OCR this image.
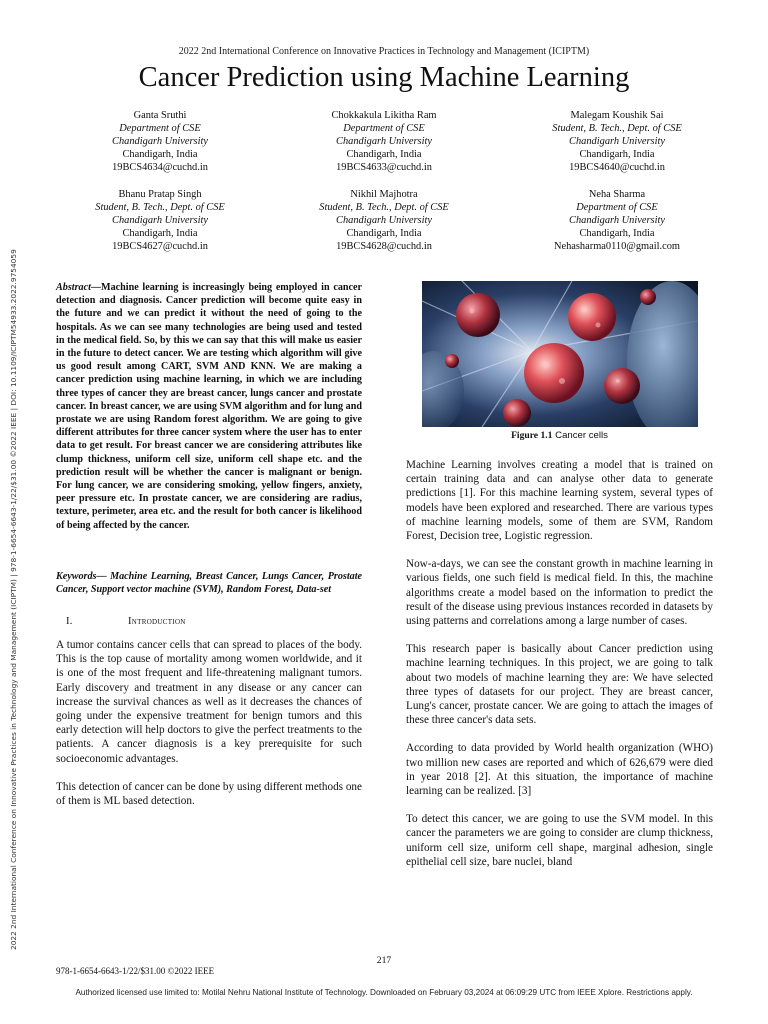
2022 2nd International Conference on Innovative Practices in Technology and Management (ICIPTM)
Cancer Prediction using Machine Learning
Ganta Sruthi
Department of CSE
Chandigarh University
Chandigarh, India
19BCS4634@cuchd.in
Chokkakula Likitha Ram
Department of CSE
Chandigarh University
Chandigarh, India
19BCS4633@cuchd.in
Malegam Koushik Sai
Student, B. Tech., Dept. of CSE
Chandigarh University
Chandigarh, India
19BCS4640@cuchd.in
Bhanu Pratap Singh
Student, B. Tech., Dept. of CSE
Chandigarh University
Chandigarh, India
19BCS4627@cuchd.in
Nikhil Majhotra
Student, B. Tech., Dept. of CSE
Chandigarh University
Chandigarh, India
19BCS4628@cuchd.in
Neha Sharma
Department of CSE
Chandigarh University
Chandigarh, India
Nehasharma0110@gmail.com
2022 2nd International Conference on Innovative Practices in Technology and Management (ICIPTM) | 978-1-6654-6643-1/22/$31.00 ©2022 IEEE | DOI: 10.1109/ICIPTM54933.2022.9754059	Abstract—Machine learning is increasingly being employed in cancer detection and diagnosis. Cancer prediction will become quite easy in the future and we can predict it without the need of going to the hospitals. As we can see many technologies are being used and tested in the medical field. So, by this we can say that this will make us easier in the future to detect cancer. We are testing which algorithm will give us good result among CART, SVM AND KNN. We are making a cancer prediction using machine learning, in which we are including three types of cancer they are breast cancer, lungs cancer and prostate cancer. In breast cancer, we are using SVM algorithm and for lung and prostate we are using Random forest algorithm. We are going to give different attributes for three cancer system where the user has to enter data to get result. For breast cancer we are considering attributes like clump thickness, uniform cell size, uniform cell shape etc. and the prediction result will be whether the cancer is malignant or benign. For lung cancer, we are considering smoking, yellow fingers, anxiety, peer pressure etc. In prostate cancer, we are considering are radius, texture, perimeter, area etc. and the result for both cancer is likelihood of being affected by the cancer.
Keywords— Machine Learning, Breast Cancer, Lungs Cancer, Prostate Cancer, Support vector machine (SVM), Random Forest, Data-set
I.	Introduction

A tumor contains cancer cells that can spread to places of the body. This is the top cause of mortality among women worldwide, and it is one of the most frequent and life-threatening malignant tumors. Early discovery and treatment in any disease or any cancer can increase the survival chances as well as it decreases the chances of going under the expensive treatment for benign tumors and this early detection will help doctors to give the perfect treatments to the patients. A cancer diagnosis is a key prerequisite for such socioeconomic advantages.

This detection of cancer can be done by using different methods one of them is ML based detection.

Figure 1.1 Cancer cells

Machine Learning involves creating a model that is trained on certain training data and can analyse other data to generate predictions [1]. For this machine learning system, several types of models have been explored and researched. There are various types of machine learning models, some of them are SVM, Random Forest, Decision tree, Logistic regression.

Now-a-days, we can see the constant growth in machine learning in various fields, one such field is medical field. In this, the machine algorithms create a model based on the information to predict the result of the disease using previous instances recorded in datasets by using patterns and correlations among a large number of cases.

This research paper is basically about Cancer prediction using machine learning techniques. In this project, we are going to talk about two models of machine learning they are: We have selected three types of datasets for our project. They are breast cancer, Lung's cancer, prostate cancer. We are going to attach the images of these three cancer's data sets.

According to data provided by World health organization (WHO) two million new cases are reported and which of 626,679 were died in year 2018 [2]. At this situation, the importance of machine learning can be realized. [3]

To detect this cancer, we are going to use the SVM model. In this cancer the parameters we are going to consider are clump thickness, uniform cell size, uniform cell shape, marginal adhesion, single epithelial cell size, bare nuclei, bland

217
978-1-6654-6643-1/22/$31.00 ©2022 IEEE
Authorized licensed use limited to: Motilal Nehru National Institute of Technology. Downloaded on February 03,2024 at 06:09:29 UTC from IEEE Xplore. Restrictions apply.
